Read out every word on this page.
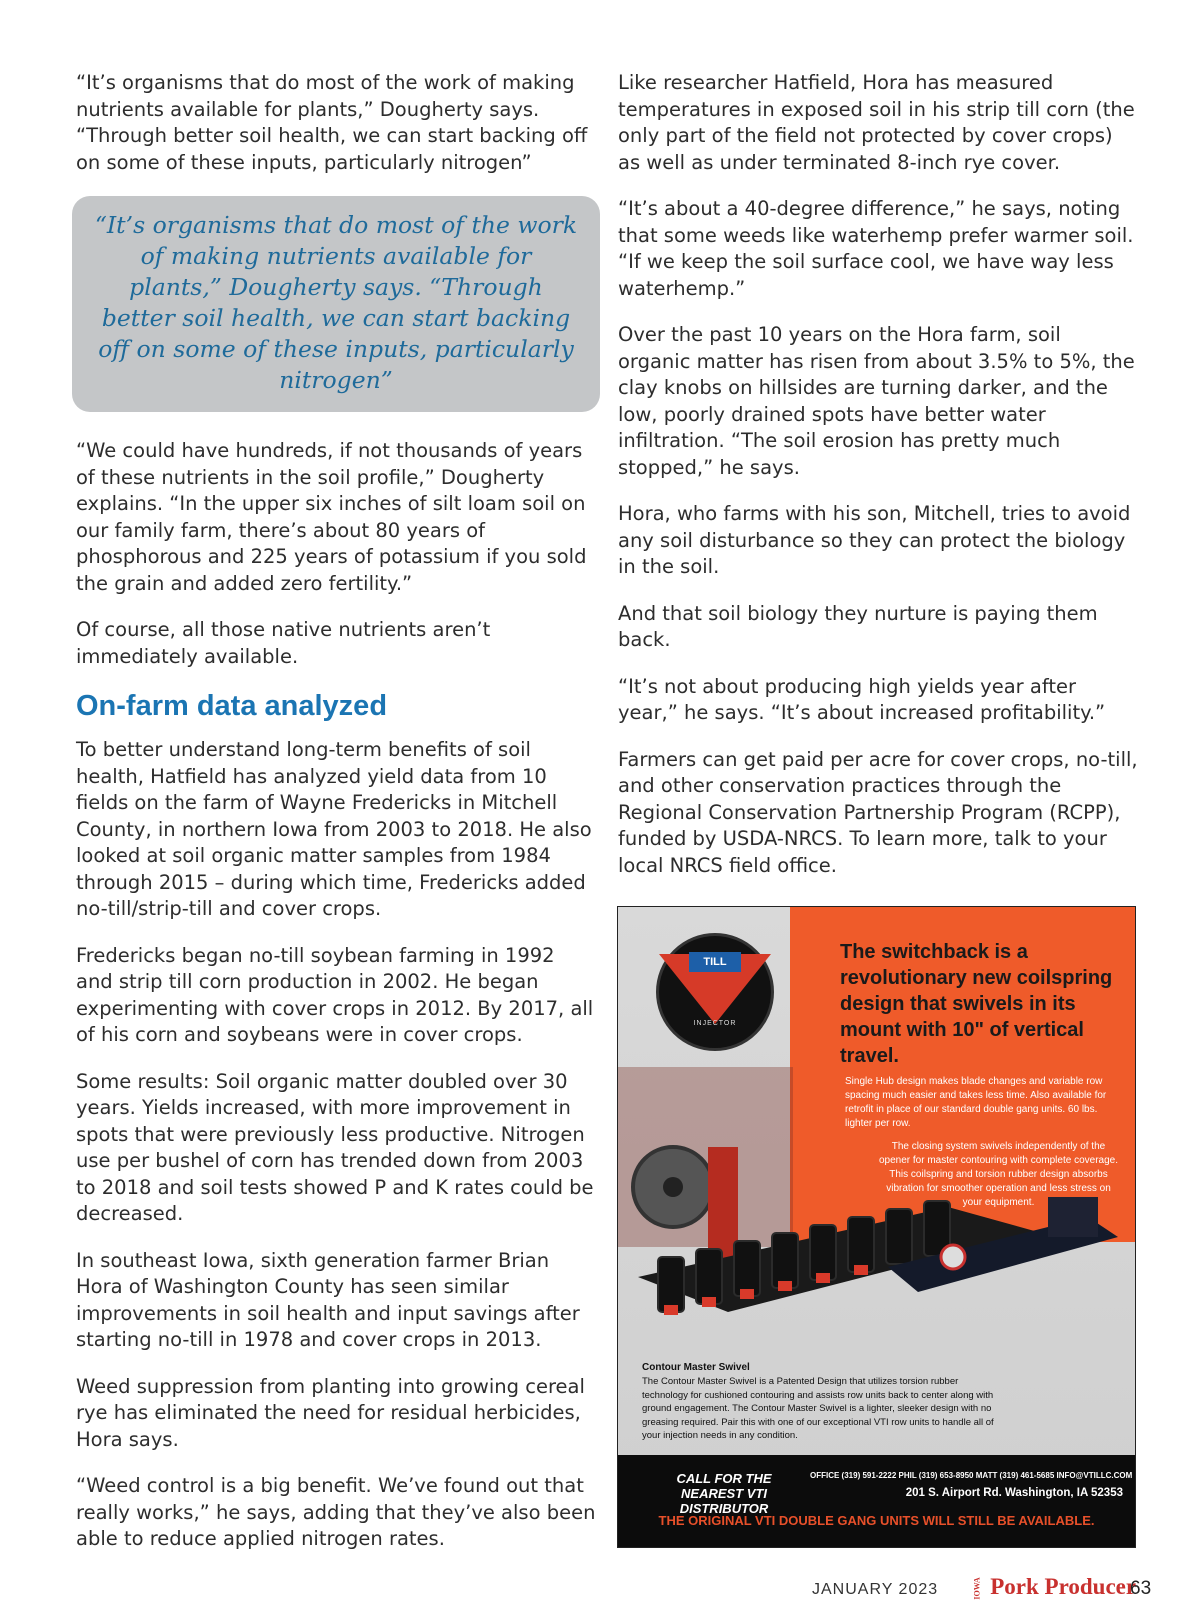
“It’s organisms that do most of the work of making nutrients available for plants,” Dougherty says. “Through better soil health, we can start backing off on some of these inputs, particularly nitrogen”

“It’s organisms that do most of the work of making nutrients available for plants,” Dougherty says. “Through better soil health, we can start backing off on some of these inputs, particularly nitrogen”

“We could have hundreds, if not thousands of years of these nutrients in the soil profile,” Dougherty explains. “In the upper six inches of silt loam soil on our family farm, there’s about 80 years of phosphorous and 225 years of potassium if you sold the grain and added zero fertility.”

Of course, all those native nutrients aren’t immediately available.

On-farm data analyzed

To better understand long-term benefits of soil health, Hatfield has analyzed yield data from 10 fields on the farm of Wayne Fredericks in Mitchell County, in northern Iowa from 2003 to 2018. He also looked at soil organic matter samples from 1984 through 2015 – during which time, Fredericks added no-till/strip-till and cover crops.

Fredericks began no-till soybean farming in 1992 and strip till corn production in 2002. He began experimenting with cover crops in 2012. By 2017, all of his corn and soybeans were in cover crops.

Some results: Soil organic matter doubled over 30 years. Yields increased, with more improvement in spots that were previously less productive. Nitrogen use per bushel of corn has trended down from 2003 to 2018 and soil tests showed P and K rates could be decreased.

In southeast Iowa, sixth generation farmer Brian Hora of Washington County has seen similar improvements in soil health and input savings after starting no-till in 1978 and cover crops in 2013.

Weed suppression from planting into growing cereal rye has eliminated the need for residual herbicides, Hora says.

“Weed control is a big benefit. We’ve found out that really works,” he says, adding that they’ve also been able to reduce applied nitrogen rates.

Like researcher Hatfield, Hora has measured temperatures in exposed soil in his strip till corn (the only part of the field not protected by cover crops) as well as under terminated 8-inch rye cover.

“It’s about a 40-degree difference,” he says, noting that some weeds like waterhemp prefer warmer soil. “If we keep the soil surface cool, we have way less waterhemp.”

Over the past 10 years on the Hora farm, soil organic matter has risen from about 3.5% to 5%, the clay knobs on hillsides are turning darker, and the low, poorly drained spots have better water infiltration. “The soil erosion has pretty much stopped,” he says.

Hora, who farms with his son, Mitchell, tries to avoid any soil disturbance so they can protect the biology in the soil.

And that soil biology they nurture is paying them back.

“It’s not about producing high yields year after year,” he says. “It’s about increased profitability.”

Farmers can get paid per acre for cover crops, no-till, and other conservation practices through the Regional Conservation Partnership Program (RCPP), funded by USDA-NRCS. To learn more, talk to your local NRCS field office.

TILL
INJECTOR
The switchback is a revolutionary new coilspring design that swivels in its mount with 10" of vertical travel.
Single Hub design makes blade changes and variable row spacing much easier and takes less time. Also available for retrofit in place of our standard double gang units. 60 lbs. lighter per row.
The closing system swivels independently of the opener for master contouring with complete coverage. This coilspring and torsion rubber design absorbs vibration for smoother operation and less stress on your equipment.
Contour Master Swivel
The Contour Master Swivel is a Patented Design that utilizes torsion rubber technology for cushioned contouring and assists row units back to center along with ground engagement. The Contour Master Swivel is a lighter, sleeker design with no greasing required. Pair this with one of our exceptional VTI row units to handle all of your injection needs in any condition.
CALL FOR THE NEAREST VTI DISTRIBUTOR
OFFICE (319) 591-2222 PHIL (319) 653-8950 MATT (319) 461-5685 INFO@VTILLC.COM
201 S. Airport Rd. Washington, IA 52353
THE ORIGINAL VTI DOUBLE GANG UNITS WILL STILL BE AVAILABLE.
JANUARY 2023	IOWA Pork Producer
63
